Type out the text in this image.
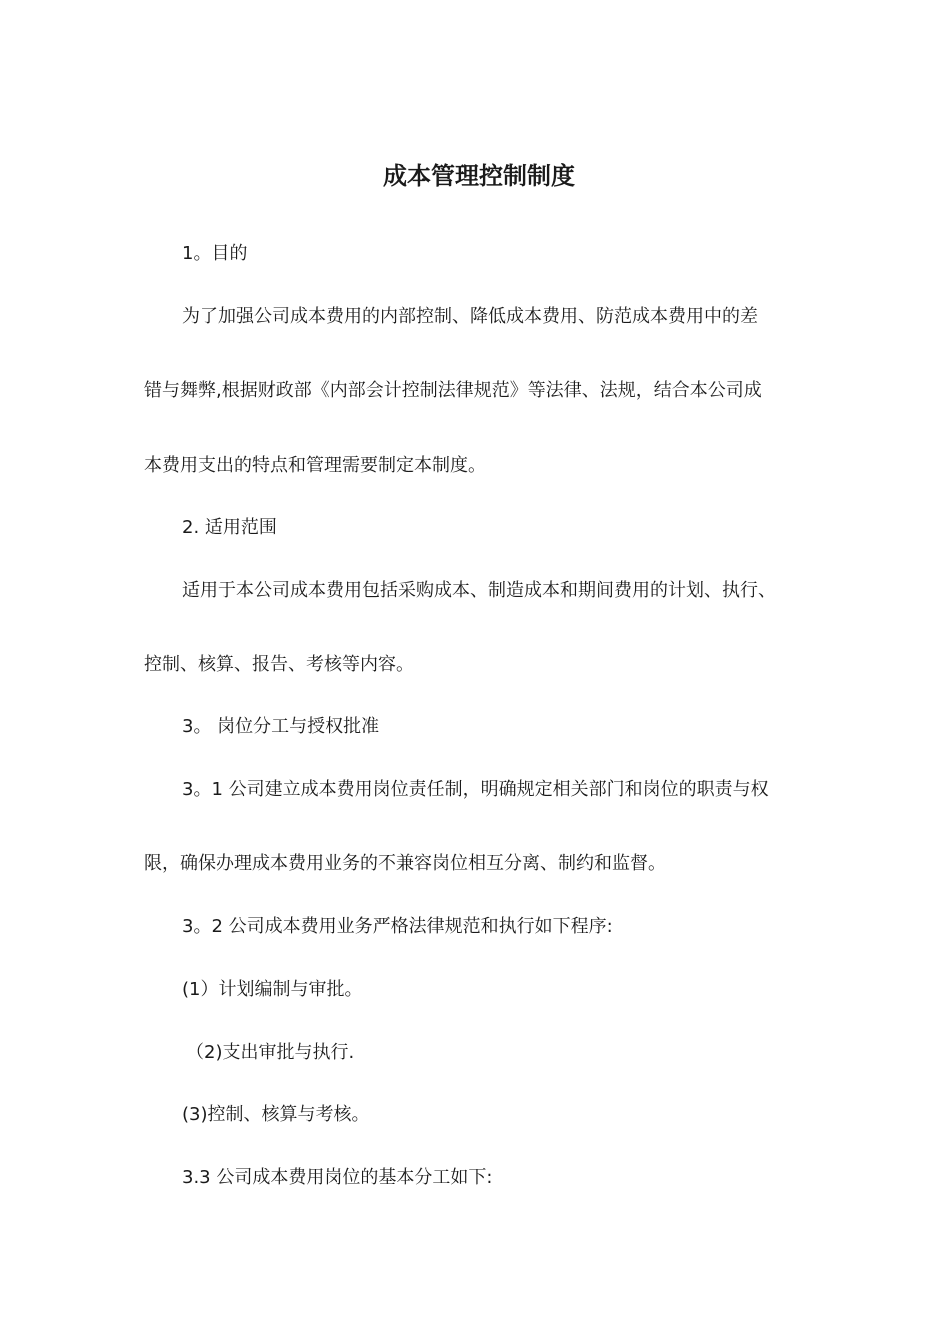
成本管理控制制度

1。目的

为了加强公司成本费用的内部控制、降低成本费用、防范成本费用中的差

错与舞弊,根据财政部《内部会计控制法律规范》等法律、法规，结合本公司成

本费用支出的特点和管理需要制定本制度。

2. 适用范围

适用于本公司成本费用包括采购成本、制造成本和期间费用的计划、执行、

控制、核算、报告、考核等内容。

3。 岗位分工与授权批准

3。1 公司建立成本费用岗位责任制，明确规定相关部门和岗位的职责与权

限，确保办理成本费用业务的不兼容岗位相互分离、制约和监督。

3。2 公司成本费用业务严格法律规范和执行如下程序:

(1）计划编制与审批。

（2)支出审批与执行.

(3)控制、核算与考核。

3.3 公司成本费用岗位的基本分工如下:
